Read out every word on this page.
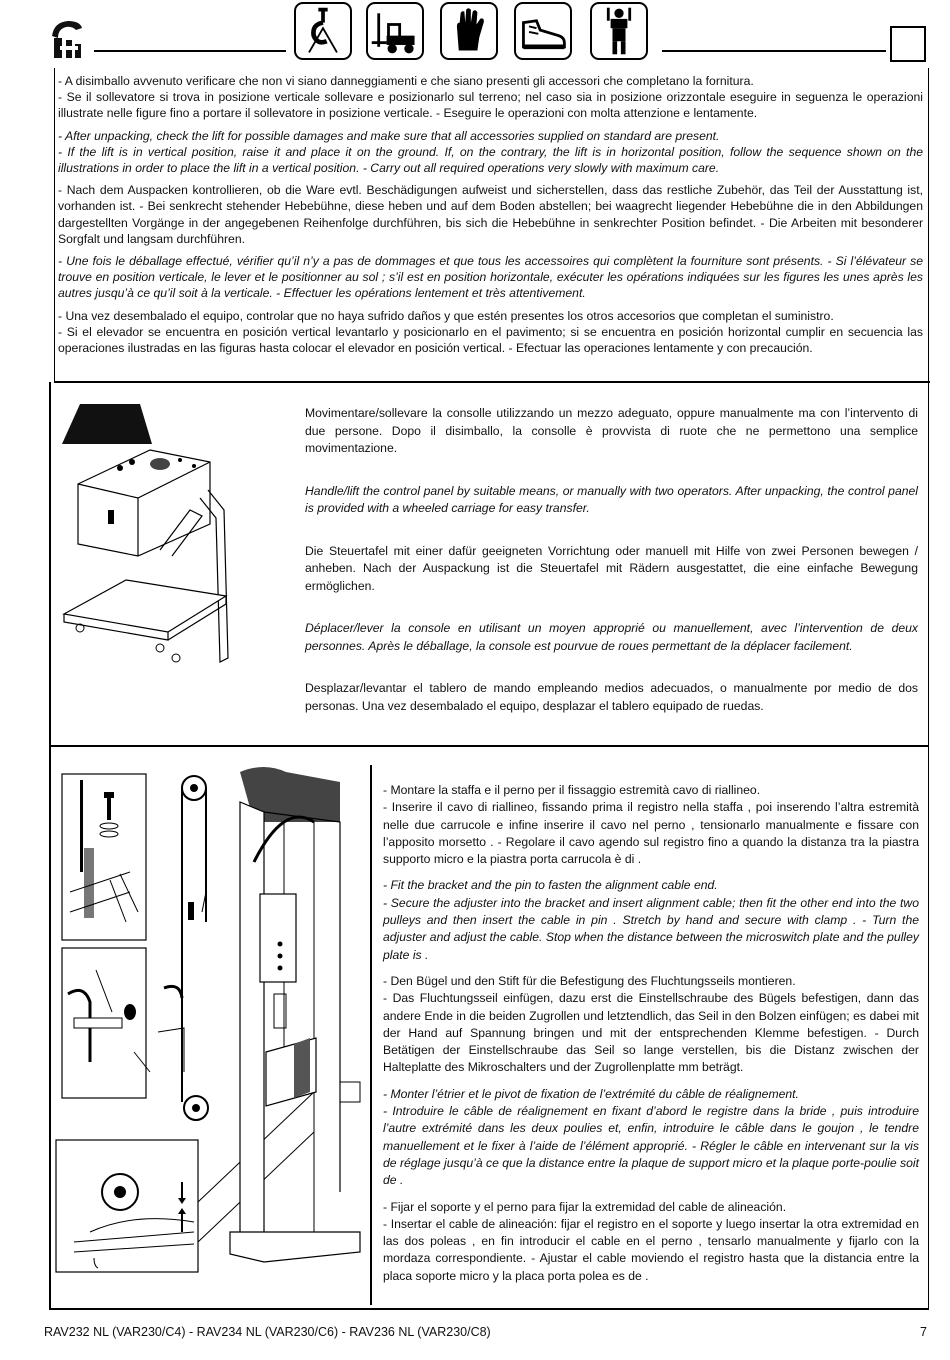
- A disimballo avvenuto verificare che non vi siano danneggiamenti e che siano presenti gli accessori che completano la fornitura.

- Se il sollevatore si trova in posizione verticale sollevare e posizionarlo sul terreno; nel caso sia in posizione orizzontale eseguire in seguenza le operazioni illustrate nelle figure fino a portare il sollevatore in posizione verticale. - Eseguire le operazioni con molta attenzione e lentamente.

- After unpacking, check the lift for possible damages and make sure that all accessories supplied on standard are present.

- If the lift is in vertical position, raise it and place it on the ground. If, on the contrary, the lift is in horizontal position, follow the sequence shown on the illustrations in order to place the lift in a vertical position. - Carry out all required operations very slowly with maximum care.

- Nach dem Auspacken kontrollieren, ob die Ware evtl. Beschädigungen aufweist und sicherstellen, dass das restliche Zubehör, das Teil der Ausstattung ist, vorhanden ist. - Bei senkrecht stehender Hebebühne, diese heben und auf dem Boden abstellen; bei waagrecht liegender Hebebühne die in den Abbildungen dargestellten Vorgänge in der angegebenen Reihenfolge durchführen, bis sich die Hebebühne in senkrechter Position befindet. - Die Arbeiten mit besonderer Sorgfalt und langsam durchführen.

- Une fois le déballage effectué, vérifier qu’il n’y a pas de dommages et que tous les accessoires qui complètent la fourniture sont présents. - Si l’élévateur se trouve en position verticale, le lever et le positionner au sol ; s’il est en position horizontale, exécuter les opérations indiquées sur les figures les unes après les autres jusqu’à ce qu’il soit à la verticale. - Effectuer les opérations lentement et très attentivement.

- Una vez desembalado el equipo, controlar que no haya sufrido daños y que estén presentes los otros accesorios que completan el suministro.

- Si el elevador se encuentra en posición vertical levantarlo y posicionarlo en el pavimento; si se encuentra en posición horizontal cumplir en secuencia las operaciones ilustradas en las figuras hasta colocar el elevador en posición vertical. - Efectuar las operaciones lentamente y con precaución.

Movimentare/sollevare la consolle utilizzando un mezzo adeguato, oppure manualmente ma con l’intervento di due persone. Dopo il disimballo, la consolle è provvista di ruote che ne permettono una semplice movimentazione.

Handle/lift the control panel by suitable means, or manually with two operators. After unpacking, the control panel is provided with a wheeled carriage for easy transfer.

Die Steuertafel mit einer dafür geeigneten Vorrichtung oder manuell mit Hilfe von zwei Personen bewegen / anheben. Nach der Auspackung ist die Steuertafel mit Rädern ausgestattet, die eine einfache Bewegung ermöglichen.

Déplacer/lever la console en utilisant un moyen approprié ou manuellement, avec l’intervention de deux personnes. Après le déballage, la console est pourvue de roues permettant de la déplacer facilement.

Desplazar/levantar el tablero de mando empleando medios adecuados, o manualmente por medio de dos personas. Una vez desembalado el equipo, desplazar el tablero equipado de ruedas.

- Montare la staffa e il perno per il fissaggio estremità cavo di riallineo.

- Inserire il cavo di riallineo, fissando prima il registro nella staffa , poi inserendo l’altra estremità nelle due carrucole e infine inserire il cavo nel perno , tensionarlo manualmente e fissare con l’apposito morsetto . - Regolare il cavo agendo sul registro fino a quando la distanza tra la piastra supporto micro e la piastra porta carrucola è di .

- Fit the bracket and the pin to fasten the alignment cable end.

- Secure the adjuster into the bracket and insert alignment cable; then fit the other end into the two pulleys and then insert the cable in pin . Stretch by hand and secure with clamp . - Turn the adjuster and adjust the cable. Stop when the distance between the microswitch plate and the pulley plate is .

- Den Bügel und den Stift für die Befestigung des Fluchtungsseils montieren.

- Das Fluchtungsseil einfügen, dazu erst die Einstellschraube des Bügels befestigen, dann das andere Ende in die beiden Zugrollen und letztendlich, das Seil in den Bolzen einfügen; es dabei mit der Hand auf Spannung bringen und mit der entsprechenden Klemme befestigen. - Durch Betätigen der Einstellschraube das Seil so lange verstellen, bis die Distanz zwischen der Halteplatte des Mikroschalters und der Zugrollenplatte mm beträgt.

- Monter l’étrier et le pivot de fixation de l’extrémité du câble de réalignement.

- Introduire le câble de réalignement en fixant d’abord le registre dans la bride , puis introduire l’autre extrémité dans les deux poulies et, enfin, introduire le câble dans le goujon , le tendre manuellement et le fixer à l’aide de l’élément approprié. - Régler le câble en intervenant sur la vis de réglage jusqu’à ce que la distance entre la plaque de support micro et la plaque porte-poulie soit de .

- Fijar el soporte y el perno para fijar la extremidad del cable de alineación.

- Insertar el cable de alineación: fijar el registro en el soporte y luego insertar la otra extremidad en las dos poleas , en fin introducir el cable en el perno , tensarlo manualmente y fijarlo con la mordaza correspondiente. - Ajustar el cable moviendo el registro hasta que la distancia entre la placa soporte micro y la placa porta polea es de .

RAV232 NL (VAR230/C4) - RAV234 NL (VAR230/C6) - RAV236 NL (VAR230/C8)	7
